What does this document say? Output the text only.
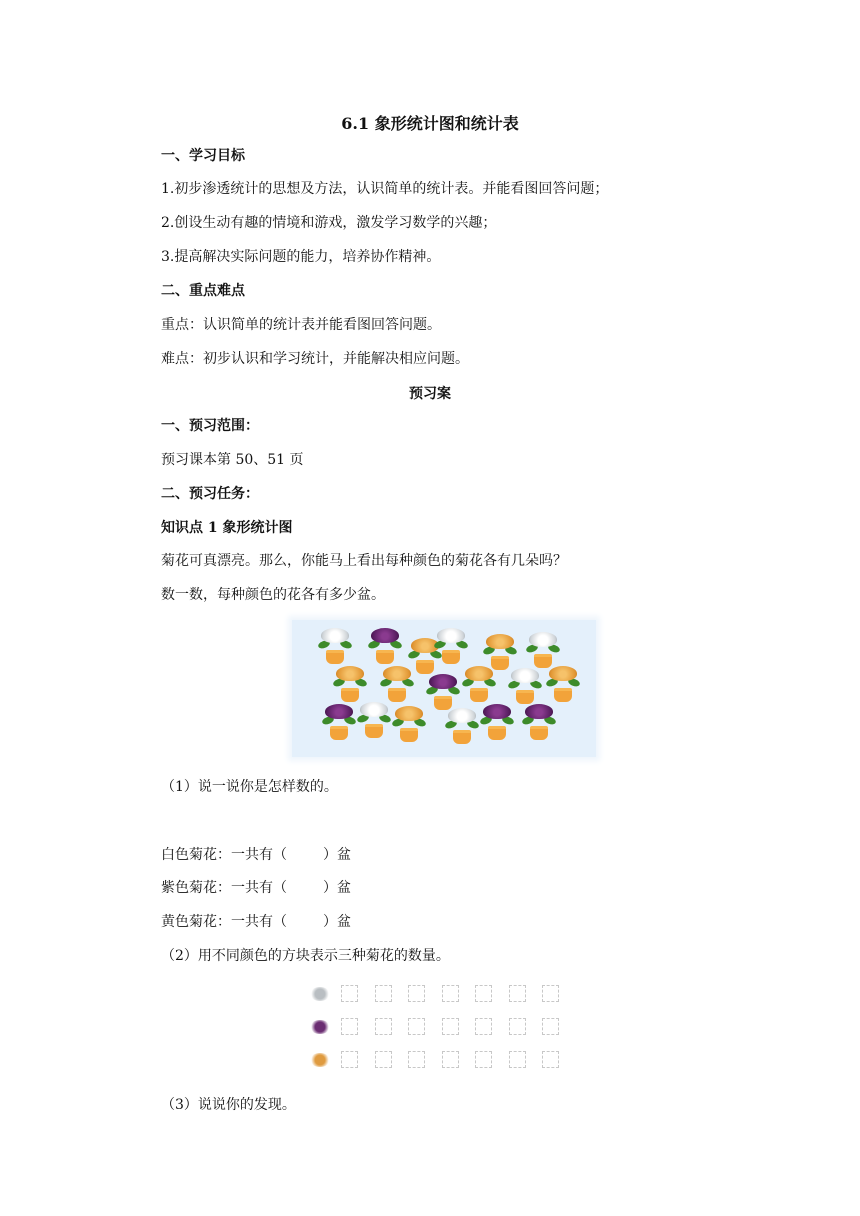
6.1 象形统计图和统计表
一、学习目标
1.初步渗透统计的思想及方法，认识简单的统计表。并能看图回答问题；
2.创设生动有趣的情境和游戏，激发学习数学的兴趣；
3.提高解决实际问题的能力，培养协作精神。
二、重点难点
重点：认识简单的统计表并能看图回答问题。
难点：初步认识和学习统计，并能解决相应问题。
预习案
一、预习范围：
预习课本第 50、51 页
二、预习任务：
知识点 1 象形统计图
菊花可真漂亮。那么，你能马上看出每种颜色的菊花各有几朵吗？
数一数，每种颜色的花各有多少盆。
（1）说一说你是怎样数的。
白色菊花：一共有（	）盆
紫色菊花：一共有（	）盆
黄色菊花：一共有（	）盆
（2）用不同颜色的方块表示三种菊花的数量。
（3）说说你的发现。
